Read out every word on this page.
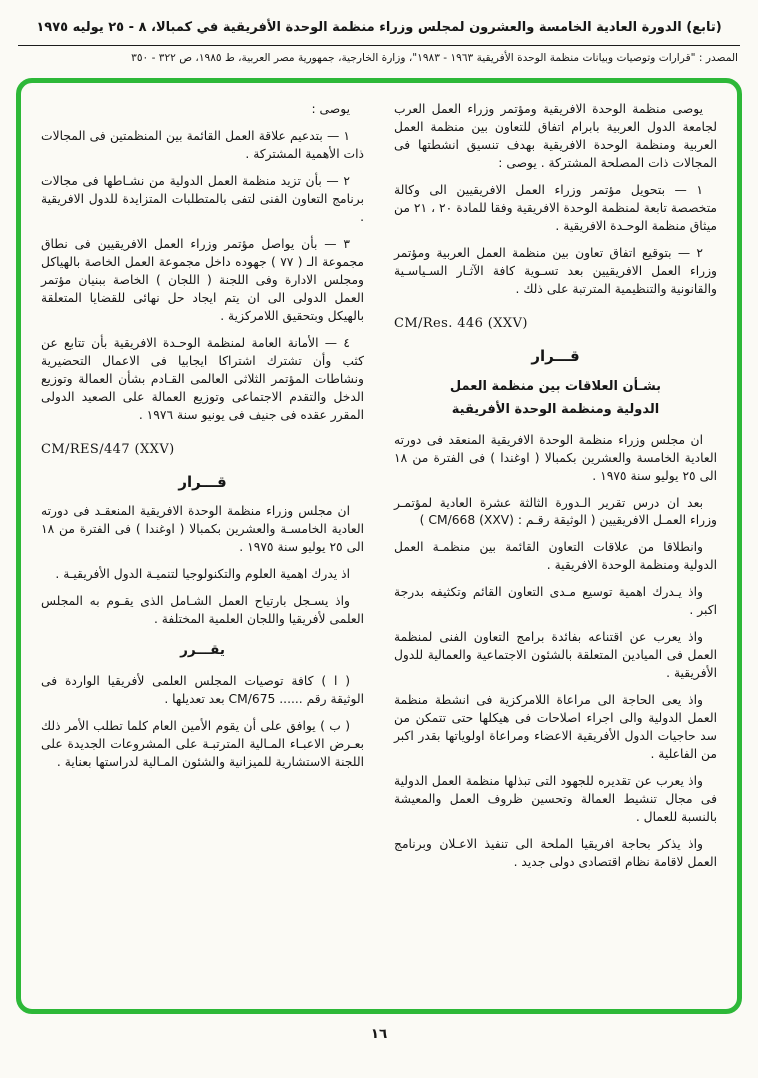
(تابع) الدورة العادية الخامسة والعشرون لمجلس وزراء منظمة الوحدة الأفريقية في كمبالا، ٨ - ٢٥ يوليه ١٩٧٥
المصدر : "قرارات وتوصيات وبيانات منظمة الوحدة الأفريقية ١٩٦٣ - ١٩٨٣"، وزارة الخارجية، جمهورية مصر العربية، ط ١٩٨٥، ص ٣٢٢ - ٣٥٠

يوصى منظمة الوحدة الافريقية ومؤتمر وزراء العمل العرب لجامعة الدول العربية بابرام اتفاق للتعاون بين منظمة العمل العربية ومنظمة الوحدة الافريقية بهدف تنسيق انشطتها فى المجالات ذات المصلحة المشتركة . يوصى :

١ — بتحويل مؤتمر وزراء العمل الافريقيين الى وكالة متخصصة تابعة لمنظمة الوحدة الافريقية وفقا للمادة ٢٠ ، ٢١ من ميثاق منظمة الوحـدة الافريقية .

٢ — بتوقيع اتفاق تعاون بين منظمة العمل العربية ومؤتمر وزراء العمل الافريقيين بعد تسـوية كافة الآثـار السـياسـية والقانونية والتنظيمية المترتبة على ذلك .

CM/Res. 446 (XXV)

قـــرار

بشـأن العلاقات بين منظمة العمل

الدولية ومنظمة الوحدة الأفريقية

ان مجلس وزراء منظمة الوحدة الافريقية المنعقد فى دورته العادية الخامسة والعشرين بكمبالا ( اوغندا ) فى الفترة من ١٨ الى ٢٥ يوليو سنة ١٩٧٥ .

بعد ان درس تقرير الـدورة الثالثة عشرة العادية لمؤتمـر وزراء العمـل الافريقيين ( الوثيقة رقـم : CM/668 (XXV) )

وانطلاقا من علاقات التعاون القائمة بين منظمـة العمل الدولية ومنظمة الوحدة الافريقية .

واذ يـدرك اهمية توسيع مـدى التعاون القائم وتكثيفه بدرجة اكبر .

واذ يعرب عن اقتناعه بفائدة برامج التعاون الفنى لمنظمة العمل فى الميادين المتعلقة بالشئون الاجتماعية والعمالية للدول الأفريقية .

واذ يعى الحاجة الى مراعاة اللامركزية فى انشطة منظمة العمل الدولية والى اجراء اصلاحات فى هيكلها حتى تتمكن من سد حاجيات الدول الأفريقية الاعضاء ومراعاة اولوياتها بقدر اكبر من الفاعلية .

واذ يعرب عن تقديره للجهود التى تبذلها منظمة العمل الدولية فى مجال تنشيط العمالة وتحسين ظروف العمل والمعيشة بالنسبة للعمال .

واذ يذكر بحاجة افريقيا الملحة الى تنفيذ الاعـلان وبرنامج العمل لاقامة نظام اقتصادى دولى جديد .

يوصى :

١ — بتدعيم علاقة العمل القائمة بين المنظمتين فى المجالات ذات الأهمية المشتركة .

٢ — بأن تزيد منظمة العمل الدولية من نشـاطها فى مجالات برنامج التعاون الفنى لتفى بالمتطلبات المتزايدة للدول الافريقية .

٣ — بأن يواصل مؤتمر وزراء العمل الافريقيين فى نطاق مجموعة الـ ( ٧٧ ) جهوده داخل مجموعة العمل الخاصة بالهياكل ومجلس الادارة وفى اللجنة ( اللجان ) الخاصة ببنيان مؤتمر العمل الدولى الى ان يتم ايجاد حل نهائى للقضايا المتعلقة بالهيكل وبتحقيق اللامركزية .

٤ — الأمانة العامة لمنظمة الوحـدة الافريقية بأن تتابع عن كثب وأن تشترك اشتراكا ايجابيا فى الاعمال التحضيرية ونشاطات المؤتمر الثلاثى العالمى القـادم بشأن العمالة وتوزيع الدخل والتقدم الاجتماعى وتوزيع العمالة على الصعيد الدولى المقرر عقده فى جنيف فى يونيو سنة ١٩٧٦ .

CM/RES/447 (XXV)

قـــرار

ان مجلس وزراء منظمة الوحدة الافريقية المنعقـد فى دورته العادية الخامسـة والعشرين بكمبالا ( اوغندا ) فى الفترة من ١٨ الى ٢٥ يوليو سنة ١٩٧٥ .

اذ يدرك اهمية العلوم والتكنولوجيا لتنميـة الدول الأفريقيـة .

واذ يسـجل بارتياح العمل الشـامل الذى يقـوم به المجلس العلمى لأفريقيا واللجان العلمية المختلفة .

يقـــرر

( ا ) كافة توصيات المجلس العلمى لأفريقيا الواردة فى الوثيقة رقم ...... CM/675 بعد تعديلها .

( ب ) يوافق على أن يقوم الأمين العام كلما تطلب الأمر ذلك بعـرض الاعبـاء المـالية المترتبـة على المشروعات الجديدة على اللجنة الاستشارية للميزانية والشئون المـالية لدراستها بعناية .

١٦
